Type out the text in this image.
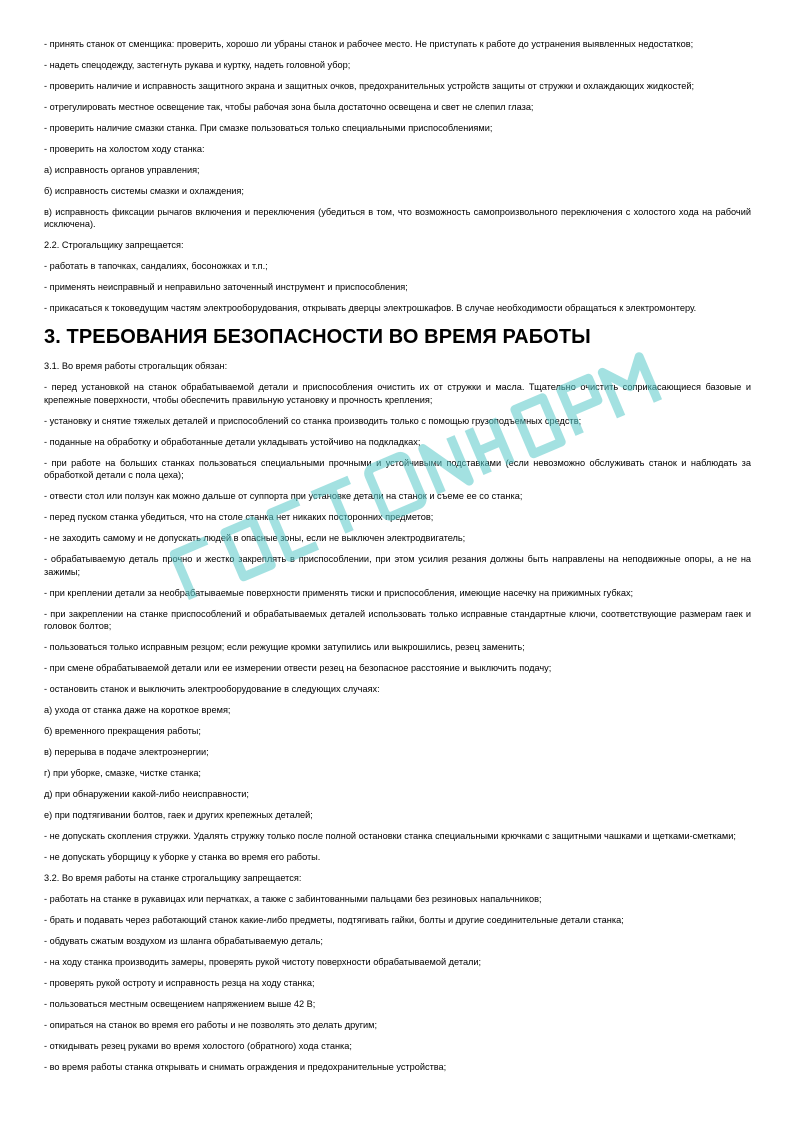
- принять станок от сменщика: проверить, хорошо ли убраны станок и рабочее место. Не приступать к работе до устранения выявленных недостатков;

- надеть спецодежду, застегнуть рукава и куртку, надеть головной убор;

- проверить наличие и исправность защитного экрана и защитных очков, предохранительных устройств защиты от стружки и охлаждающих жидкостей;

- отрегулировать местное освещение так, чтобы рабочая зона была достаточно освещена и свет не слепил глаза;

- проверить наличие смазки станка. При смазке пользоваться только специальными приспособлениями;

- проверить на холостом ходу станка:

а) исправность органов управления;

б) исправность системы смазки и охлаждения;

в) исправность фиксации рычагов включения и переключения (убедиться в том, что возможность самопроизвольного переключения с холостого хода на рабочий исключена).

2.2. Строгальщику запрещается:

- работать в тапочках, сандалиях, босоножках и т.п.;

- применять неисправный и неправильно заточенный инструмент и приспособления;

- прикасаться к токоведущим частям электрооборудования, открывать дверцы электрошкафов. В случае необходимости обращаться к электромонтеру.

3. ТРЕБОВАНИЯ БЕЗОПАСНОСТИ ВО ВРЕМЯ РАБОТЫ

3.1. Во время работы строгальщик обязан:

- перед установкой на станок обрабатываемой детали и приспособления очистить их от стружки и масла. Тщательно очистить соприкасающиеся базовые и крепежные поверхности, чтобы обеспечить правильную установку и прочность крепления;

- установку и снятие тяжелых деталей и приспособлений со станка производить только с помощью грузоподъемных средств;

- поданные на обработку и обработанные детали укладывать устойчиво на подкладках;

- при работе на больших станках пользоваться специальными прочными и устойчивыми подставками (если невозможно обслуживать станок и наблюдать за обработкой детали с пола цеха);

- отвести стол или ползун как можно дальше от суппорта при установке детали на станок и съеме ее со станка;

- перед пуском станка убедиться, что на столе станка нет никаких посторонних предметов;

- не заходить самому и не допускать людей в опасные зоны, если не выключен электродвигатель;

- обрабатываемую деталь прочно и жестко закреплять в приспособлении, при этом усилия резания должны быть направлены на неподвижные опоры, а не на зажимы;

- при креплении детали за необрабатываемые поверхности применять тиски и приспособления, имеющие насечку на прижимных губках;

- при закреплении на станке приспособлений и обрабатываемых деталей использовать только исправные стандартные ключи, соответствующие размерам гаек и головок болтов;

- пользоваться только исправным резцом; если режущие кромки затупились или выкрошились, резец заменить;

- при смене обрабатываемой детали или ее измерении отвести резец на безопасное расстояние и выключить подачу;

- остановить станок и выключить электрооборудование в следующих случаях:

а) ухода от станка даже на короткое время;

б) временного прекращения работы;

в) перерыва в подаче электроэнергии;

г) при уборке, смазке, чистке станка;

д) при обнаружении какой-либо неисправности;

е) при подтягивании болтов, гаек и других крепежных деталей;

- не допускать скопления стружки. Удалять стружку только после полной остановки станка специальными крючками с защитными чашками и щетками-сметками;

- не допускать уборщицу к уборке у станка во время его работы.

3.2. Во время работы на станке строгальщику запрещается:

- работать на станке в рукавицах или перчатках, а также с забинтованными пальцами без резиновых напальчников;

- брать и подавать через работающий станок какие-либо предметы, подтягивать гайки, болты и другие соединительные детали станка;

- обдувать сжатым воздухом из шланга обрабатываемую деталь;

- на ходу станка производить замеры, проверять рукой чистоту поверхности обрабатываемой детали;

- проверять рукой остроту и исправность резца на ходу станка;

- пользоваться местным освещением напряжением выше 42 В;

- опираться на станок во время его работы и не позволять это делать другим;

- откидывать резец руками во время холостого (обратного) хода станка;

- во время работы станка открывать и снимать ограждения и предохранительные устройства;
